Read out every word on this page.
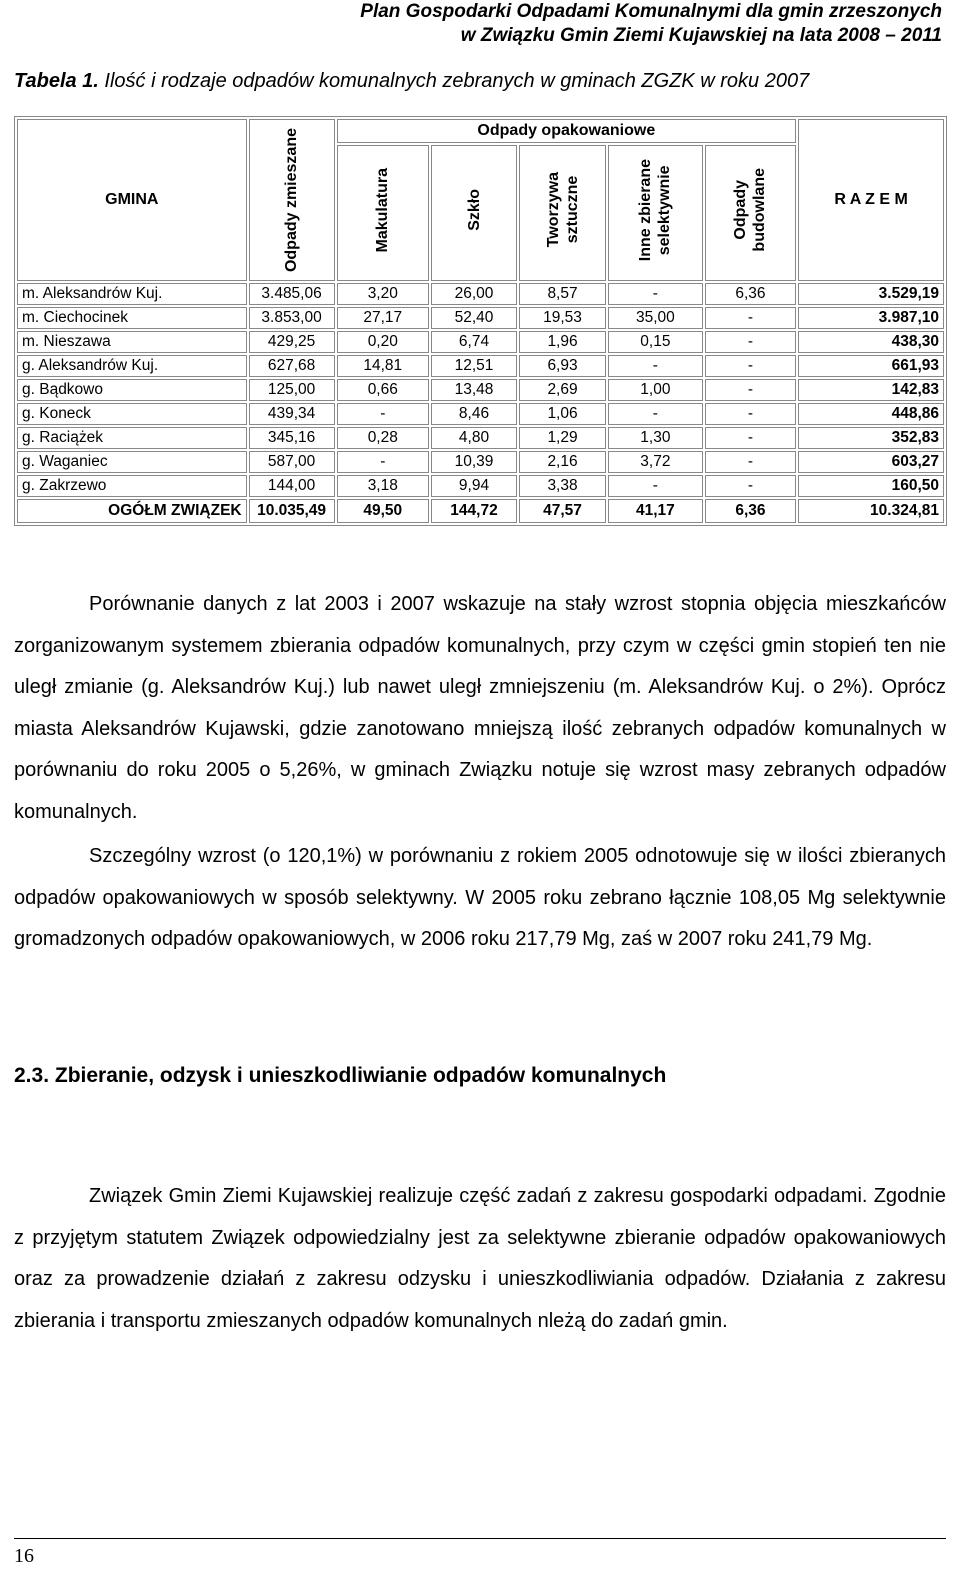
Plan Gospodarki Odpadami Komunalnymi dla gmin zrzeszonych
w Związku Gmin Ziemi Kujawskiej na lata 2008 – 2011
Tabela 1. Ilość i rodzaje odpadów komunalnych zebranych w gminach ZGZK w roku 2007
GMINA	Odpady zmieszane	Odpady opakowaniowe					R A Z E M
		Makulatura	Szkło	Tworzywa sztuczne	Inne zbierane selektywnie	Odpady budowlane	
m. Aleksandrów Kuj.	3.485,06	3,20	26,00	8,57	-	6,36	3.529,19
m. Ciechocinek	3.853,00	27,17	52,40	19,53	35,00	-	3.987,10
m. Nieszawa	429,25	0,20	6,74	1,96	0,15	-	438,30
g. Aleksandrów Kuj.	627,68	14,81	12,51	6,93	-	-	661,93
g. Bądkowo	125,00	0,66	13,48	2,69	1,00	-	142,83
g. Koneck	439,34	-	8,46	1,06	-	-	448,86
g. Raciążek	345,16	0,28	4,80	1,29	1,30	-	352,83
g. Waganiec	587,00	-	10,39	2,16	3,72	-	603,27
g. Zakrzewo	144,00	3,18	9,94	3,38	-	-	160,50
OGÓŁM ZWIĄZEK	10.035,49	49,50	144,72	47,57	41,17	6,36	10.324,81
Porównanie danych z lat 2003 i 2007 wskazuje na stały wzrost stopnia objęcia mieszkańców zorganizowanym systemem zbierania odpadów komunalnych, przy czym w części gmin stopień ten nie uległ zmianie (g. Aleksandrów Kuj.) lub nawet uległ zmniejszeniu (m. Aleksandrów Kuj. o 2%). Oprócz miasta Aleksandrów Kujawski, gdzie zanotowano mniejszą ilość zebranych odpadów komunalnych w porównaniu do roku 2005 o 5,26%, w gminach Związku notuje się wzrost masy zebranych odpadów komunalnych.
Szczególny wzrost (o 120,1%) w porównaniu z rokiem 2005 odnotowuje się w ilości zbieranych odpadów opakowaniowych w sposób selektywny. W 2005 roku zebrano łącznie 108,05 Mg selektywnie gromadzonych odpadów opakowaniowych, w 2006 roku 217,79 Mg, zaś w 2007 roku 241,79 Mg.
2.3. Zbieranie, odzysk i unieszkodliwianie odpadów komunalnych
Związek Gmin Ziemi Kujawskiej realizuje część zadań z zakresu gospodarki odpadami. Zgodnie z przyjętym statutem Związek odpowiedzialny jest za selektywne zbieranie odpadów opakowaniowych oraz za prowadzenie działań z zakresu odzysku i unieszkodliwiania odpadów. Działania z zakresu zbierania i transportu zmieszanych odpadów komunalnych nleżą do zadań gmin.
16
